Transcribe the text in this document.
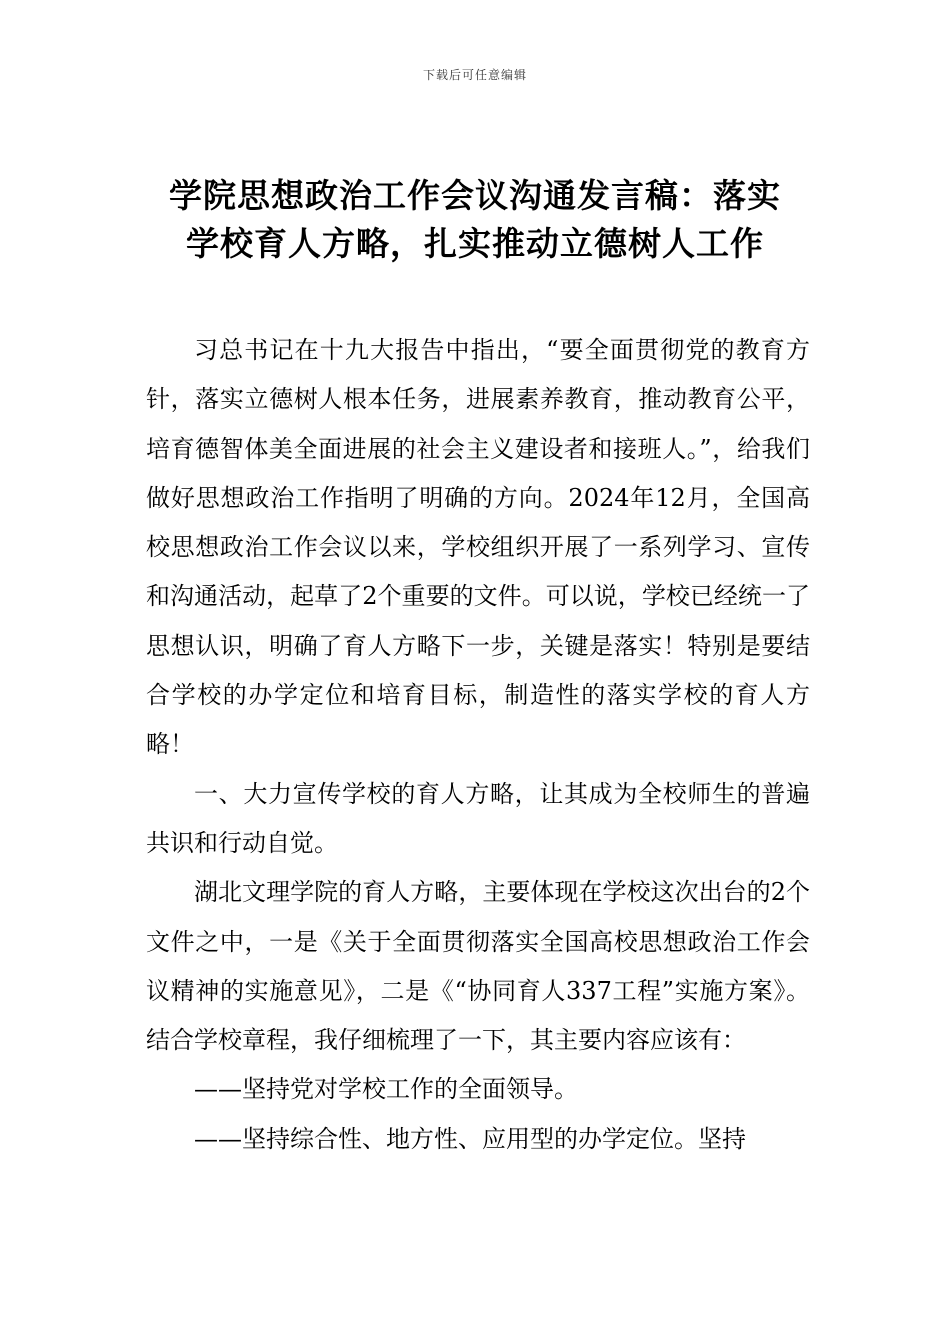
下载后可任意编辑
学院思想政治工作会议沟通发言稿：落实
学校育人方略，扎实推动立德树人工作

习总书记在十九大报告中指出，“要全面贯彻党的教育方针，落实立德树人根本任务，进展素养教育，推动教育公平，培育德智体美全面进展的社会主义建设者和接班人。”，给我们做好思想政治工作指明了明确的方向。2024年12月，全国高校思想政治工作会议以来，学校组织开展了一系列学习、宣传和沟通活动，起草了2个重要的文件。可以说，学校已经统一了思想认识，明确了育人方略下一步，关键是落实！特别是要结合学校的办学定位和培育目标，制造性的落实学校的育人方略！

一、大力宣传学校的育人方略，让其成为全校师生的普遍共识和行动自觉。

湖北文理学院的育人方略，主要体现在学校这次出台的2个文件之中，一是《关于全面贯彻落实全国高校思想政治工作会议精神的实施意见》，二是《“协同育人337工程”实施方案》。结合学校章程，我仔细梳理了一下，其主要内容应该有：

——坚持党对学校工作的全面领导。

——坚持综合性、地方性、应用型的办学定位。坚持
